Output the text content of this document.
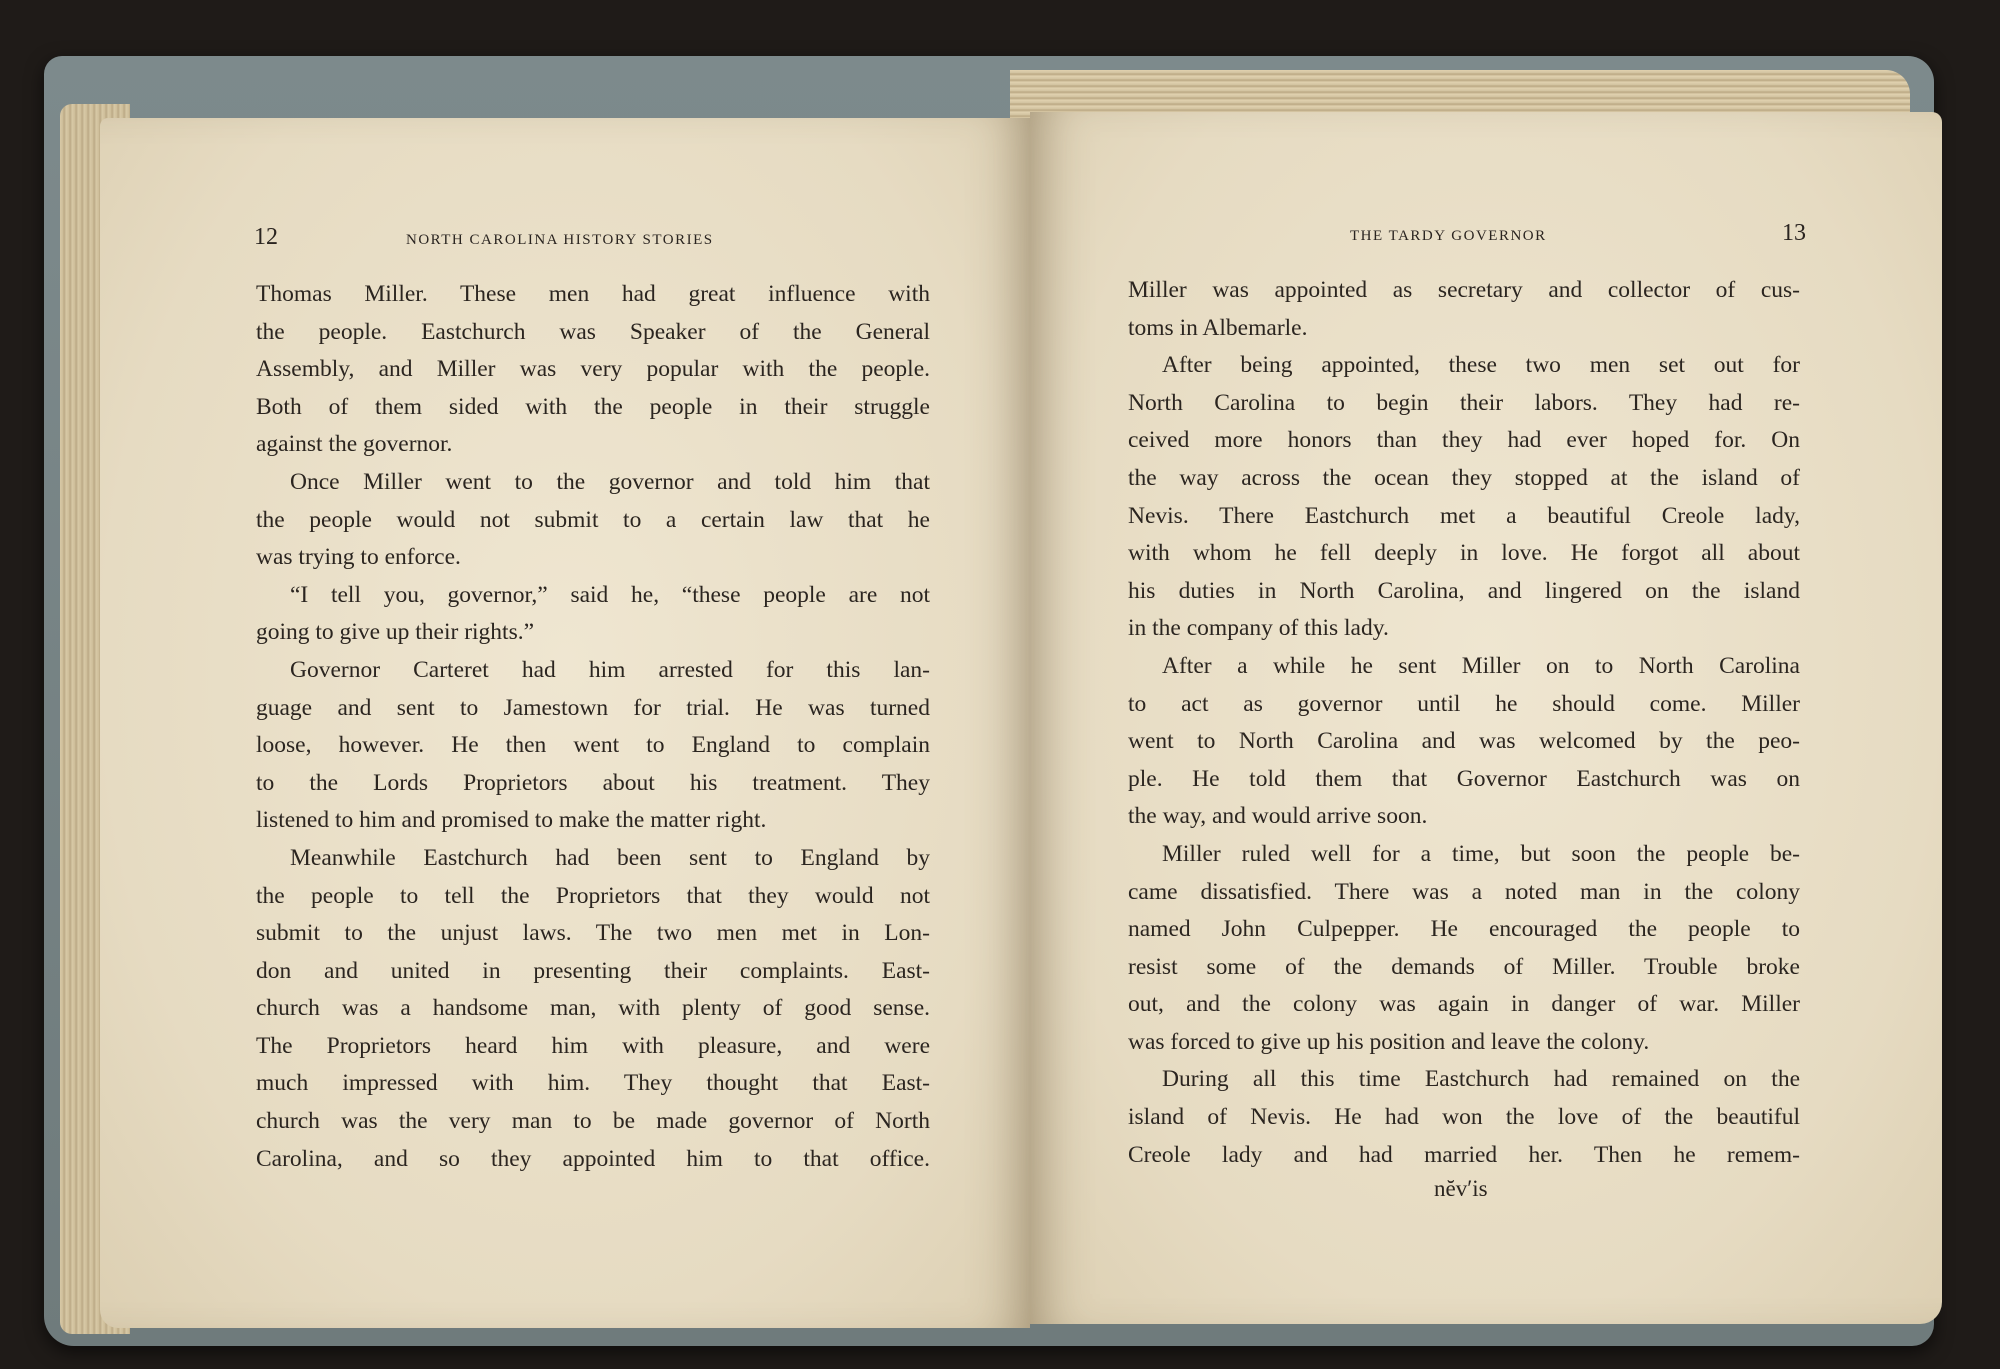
12	NORTH CAROLINA HISTORY STORIES
Thomas Miller. These men had great influence with
the people. Eastchurch was Speaker of the General
Assembly, and Miller was very popular with the people.
Both of them sided with the people in their struggle
against the governor.
Once Miller went to the governor and told him that
the people would not submit to a certain law that he
was trying to enforce.
“I tell you, governor,” said he, “these people are not
going to give up their rights.”
Governor Carteret had him arrested for this lan-
guage and sent to Jamestown for trial. He was turned
loose, however. He then went to England to complain
to the Lords Proprietors about his treatment. They
listened to him and promised to make the matter right.
Meanwhile Eastchurch had been sent to England by
the people to tell the Proprietors that they would not
submit to the unjust laws. The two men met in Lon-
don and united in presenting their complaints. East-
church was a handsome man, with plenty of good sense.
The Proprietors heard him with pleasure, and were
much impressed with him. They thought that East-
church was the very man to be made governor of North
Carolina, and so they appointed him to that office.
THE TARDY GOVERNOR	13
Miller was appointed as secretary and collector of cus-
toms in Albemarle.
After being appointed, these two men set out for
North Carolina to begin their labors. They had re-
ceived more honors than they had ever hoped for. On
the way across the ocean they stopped at the island of
Nevis. There Eastchurch met a beautiful Creole lady,
with whom he fell deeply in love. He forgot all about
his duties in North Carolina, and lingered on the island
in the company of this lady.
After a while he sent Miller on to North Carolina
to act as governor until he should come. Miller
went to North Carolina and was welcomed by the peo-
ple. He told them that Governor Eastchurch was on
the way, and would arrive soon.
Miller ruled well for a time, but soon the people be-
came dissatisfied. There was a noted man in the colony
named John Culpepper. He encouraged the people to
resist some of the demands of Miller. Trouble broke
out, and the colony was again in danger of war. Miller
was forced to give up his position and leave the colony.
During all this time Eastchurch had remained on the
island of Nevis. He had won the love of the beautiful
Creole lady and had married her. Then he remem-
nĕv′is
